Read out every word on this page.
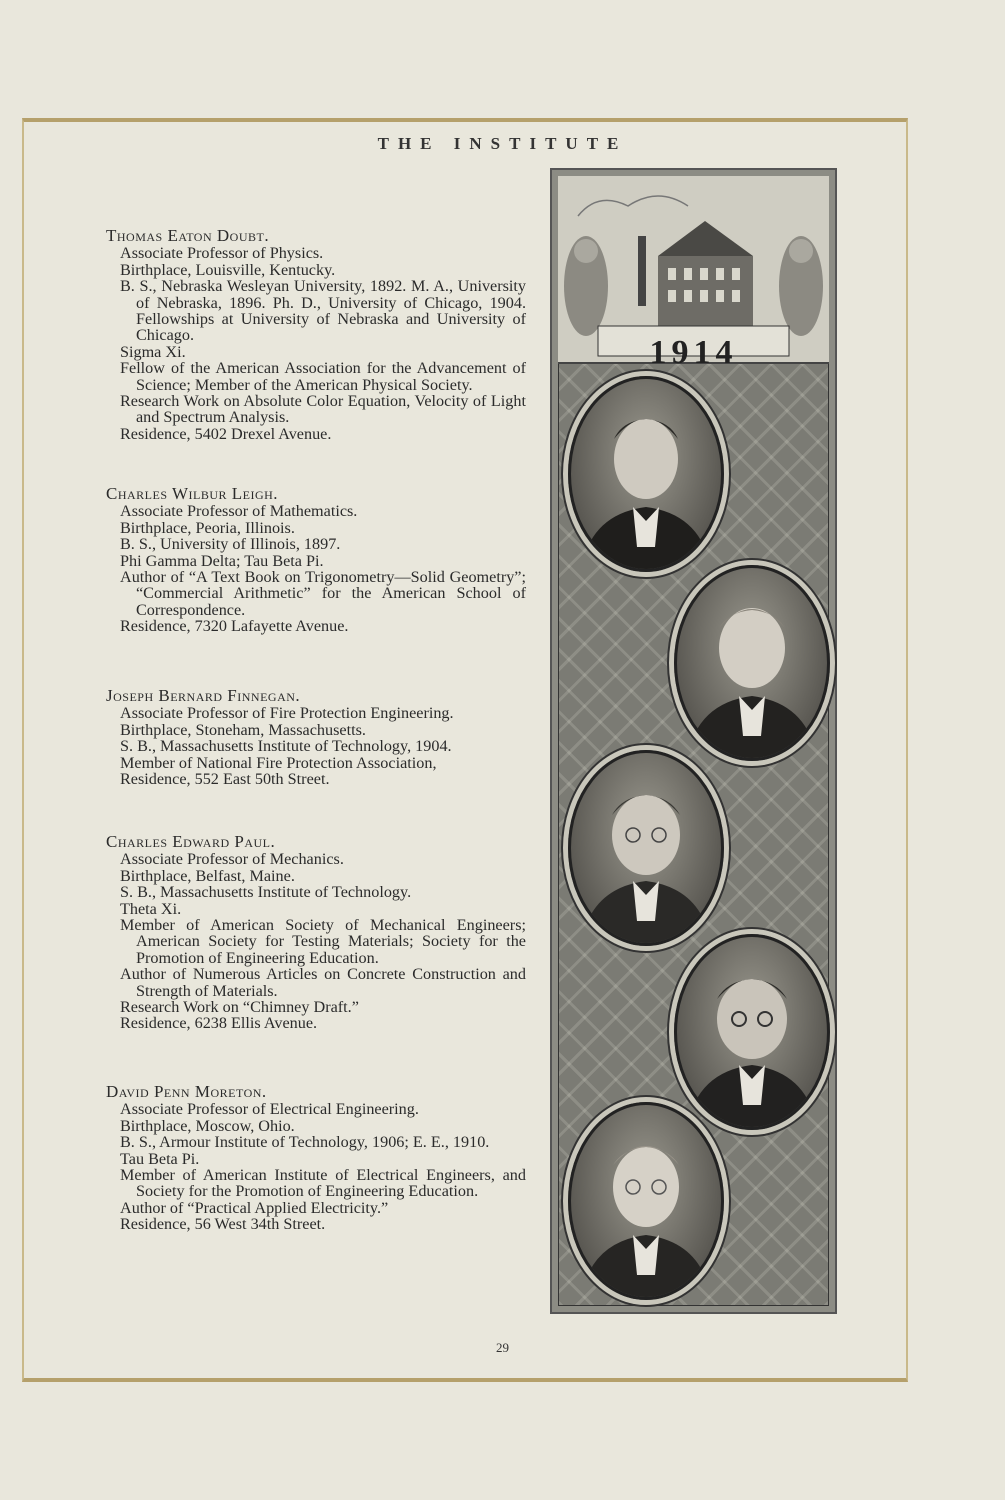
THE INSTITUTE
Thomas Eaton Doubt.
Associate Professor of Physics.
Birthplace, Louisville, Kentucky.
B. S., Nebraska Wesleyan University, 1892. M. A., University of Nebraska, 1896. Ph. D., University of Chicago, 1904. Fellowships at University of Nebraska and University of Chicago.
Sigma Xi.
Fellow of the American Association for the Advancement of Science; Member of the American Physical Society.
Research Work on Absolute Color Equation, Velocity of Light and Spectrum Analysis.
Residence, 5402 Drexel Avenue.
Charles Wilbur Leigh.
Associate Professor of Mathematics.
Birthplace, Peoria, Illinois.
B. S., University of Illinois, 1897.
Phi Gamma Delta; Tau Beta Pi.
Author of “A Text Book on Trigonometry—Solid Geometry”; “Commercial Arithmetic” for the American School of Correspondence.
Residence, 7320 Lafayette Avenue.
Joseph Bernard Finnegan.
Associate Professor of Fire Protection Engineering.
Birthplace, Stoneham, Massachusetts.
S. B., Massachusetts Institute of Technology, 1904.
Member of National Fire Protection Association,
Residence, 552 East 50th Street.
Charles Edward Paul.
Associate Professor of Mechanics.
Birthplace, Belfast, Maine.
S. B., Massachusetts Institute of Technology.
Theta Xi.
Member of American Society of Mechanical Engineers; American Society for Testing Materials; Society for the Promotion of Engineering Education.
Author of Numerous Articles on Concrete Construction and Strength of Materials.
Research Work on “Chimney Draft.”
Residence, 6238 Ellis Avenue.
David Penn Moreton.
Associate Professor of Electrical Engineering.
Birthplace, Moscow, Ohio.
B. S., Armour Institute of Technology, 1906; E. E., 1910.
Tau Beta Pi.
Member of American Institute of Electrical Engineers, and Society for the Promotion of Engineering Education.
Author of “Practical Applied Electricity.”
Residence, 56 West 34th Street.
1914
29
